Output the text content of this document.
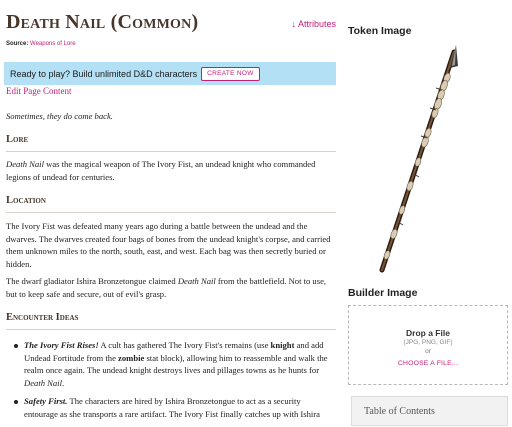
Death Nail (Common)	↓ Attributes
Source: Weapons of Lore
Ready to play? Build unlimited D&D characters	CREATE NOW
Edit Page Content
Sometimes, they do come back.
Lore
Death Nail was the magical weapon of The Ivory Fist, an undead knight who commanded legions of undead for centuries.
Location
The Ivory Fist was defeated many years ago during a battle between the undead and the dwarves. The dwarves created four bags of bones from the undead knight's corpse, and carried them unknown miles to the north, south, east, and west. Each bag was then secretly buried or hidden.
The dwarf gladiator Ishira Bronzetongue claimed Death Nail from the battlefield. Not to use, but to keep safe and secure, out of evil's grasp.
Encounter Ideas
The Ivory Fist Rises! A cult has gathered The Ivory Fist's remains (use knight and add Undead Fortitude from the zombie stat block), allowing him to reassemble and walk the realm once again. The undead knight destroys lives and pillages towns as he hunts for Death Nail.
Safety First. The characters are hired by Ishira Bronzetongue to act as a security entourage as she transports a rare artifact. The Ivory Fist finally catches up with Ishira
Token Image
Builder Image
Drop a File
(JPG, PNG, GIF)
or
CHOOSE A FILE...
Table of Contents
